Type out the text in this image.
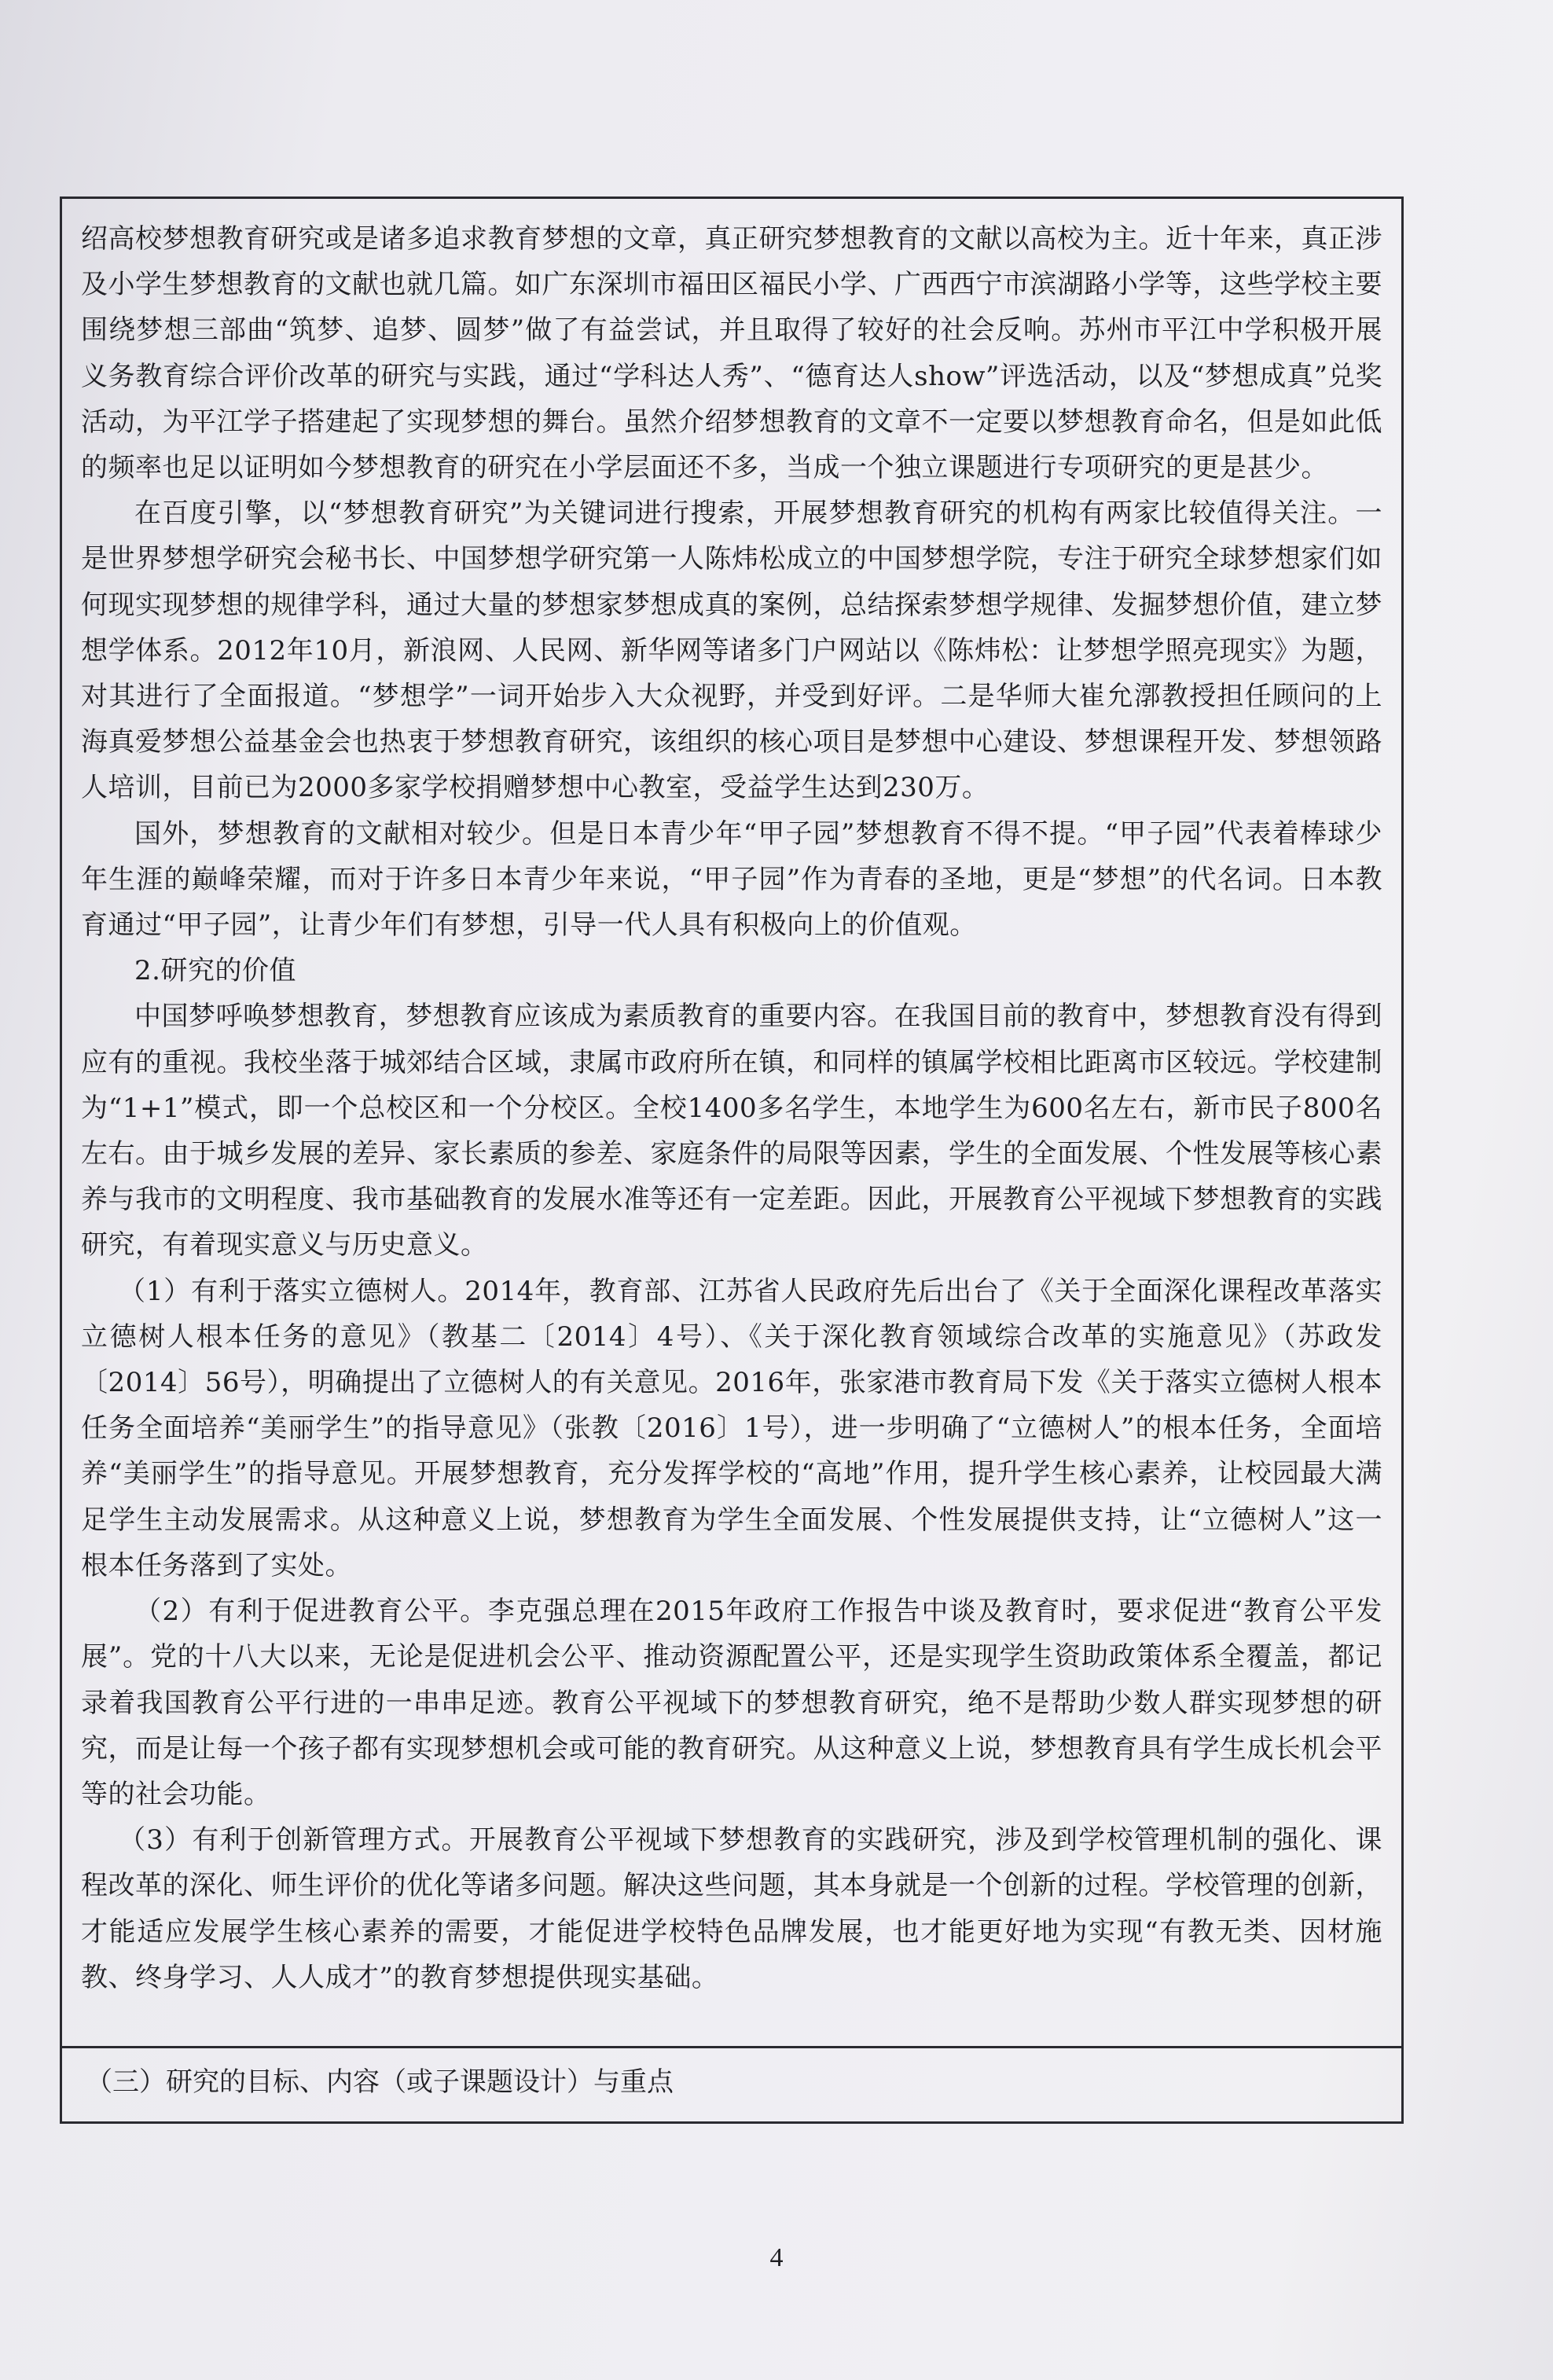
绍高校梦想教育研究或是诸多追求教育梦想的文章，真正研究梦想教育的文献以高校为主。近十年来，真正涉及小学生梦想教育的文献也就几篇。如广东深圳市福田区福民小学、广西西宁市滨湖路小学等，这些学校主要围绕梦想三部曲“筑梦、追梦、圆梦”做了有益尝试，并且取得了较好的社会反响。苏州市平江中学积极开展义务教育综合评价改革的研究与实践，通过“学科达人秀”、“德育达人show”评选活动，以及“梦想成真”兑奖活动，为平江学子搭建起了实现梦想的舞台。虽然介绍梦想教育的文章不一定要以梦想教育命名，但是如此低的频率也足以证明如今梦想教育的研究在小学层面还不多，当成一个独立课题进行专项研究的更是甚少。

在百度引擎，以“梦想教育研究”为关键词进行搜索，开展梦想教育研究的机构有两家比较值得关注。一是世界梦想学研究会秘书长、中国梦想学研究第一人陈炜松成立的中国梦想学院，专注于研究全球梦想家们如何现实现梦想的规律学科，通过大量的梦想家梦想成真的案例，总结探索梦想学规律、发掘梦想价值，建立梦想学体系。2012年10月，新浪网、人民网、新华网等诸多门户网站以《陈炜松：让梦想学照亮现实》为题，对其进行了全面报道。“梦想学”一词开始步入大众视野，并受到好评。二是华师大崔允漷教授担任顾问的上海真爱梦想公益基金会也热衷于梦想教育研究，该组织的核心项目是梦想中心建设、梦想课程开发、梦想领路人培训，目前已为2000多家学校捐赠梦想中心教室，受益学生达到230万。

国外，梦想教育的文献相对较少。但是日本青少年“甲子园”梦想教育不得不提。“甲子园”代表着棒球少年生涯的巅峰荣耀，而对于许多日本青少年来说，“甲子园”作为青春的圣地，更是“梦想”的代名词。日本教育通过“甲子园”，让青少年们有梦想，引导一代人具有积极向上的价值观。

2.研究的价值

中国梦呼唤梦想教育，梦想教育应该成为素质教育的重要内容。在我国目前的教育中，梦想教育没有得到应有的重视。我校坐落于城郊结合区域，隶属市政府所在镇，和同样的镇属学校相比距离市区较远。学校建制为“1+1”模式，即一个总校区和一个分校区。全校1400多名学生，本地学生为600名左右，新市民子800名左右。由于城乡发展的差异、家长素质的参差、家庭条件的局限等因素，学生的全面发展、个性发展等核心素养与我市的文明程度、我市基础教育的发展水准等还有一定差距。因此，开展教育公平视域下梦想教育的实践研究，有着现实意义与历史意义。

（1）有利于落实立德树人。2014年，教育部、江苏省人民政府先后出台了《关于全面深化课程改革落实立德树人根本任务的意见》（教基二〔2014〕4号）、《关于深化教育领域综合改革的实施意见》（苏政发〔2014〕56号），明确提出了立德树人的有关意见。2016年，张家港市教育局下发《关于落实立德树人根本任务全面培养“美丽学生”的指导意见》（张教〔2016〕1号），进一步明确了“立德树人”的根本任务，全面培养“美丽学生”的指导意见。开展梦想教育，充分发挥学校的“高地”作用，提升学生核心素养，让校园最大满足学生主动发展需求。从这种意义上说，梦想教育为学生全面发展、个性发展提供支持，让“立德树人”这一根本任务落到了实处。

（2）有利于促进教育公平。李克强总理在2015年政府工作报告中谈及教育时，要求促进“教育公平发展”。党的十八大以来，无论是促进机会公平、推动资源配置公平，还是实现学生资助政策体系全覆盖，都记录着我国教育公平行进的一串串足迹。教育公平视域下的梦想教育研究，绝不是帮助少数人群实现梦想的研究，而是让每一个孩子都有实现梦想机会或可能的教育研究。从这种意义上说，梦想教育具有学生成长机会平等的社会功能。

（3）有利于创新管理方式。开展教育公平视域下梦想教育的实践研究，涉及到学校管理机制的强化、课程改革的深化、师生评价的优化等诸多问题。解决这些问题，其本身就是一个创新的过程。学校管理的创新，才能适应发展学生核心素养的需要，才能促进学校特色品牌发展，也才能更好地为实现“有教无类、因材施教、终身学习、人人成才”的教育梦想提供现实基础。

（三）研究的目标、内容（或子课题设计）与重点
4
